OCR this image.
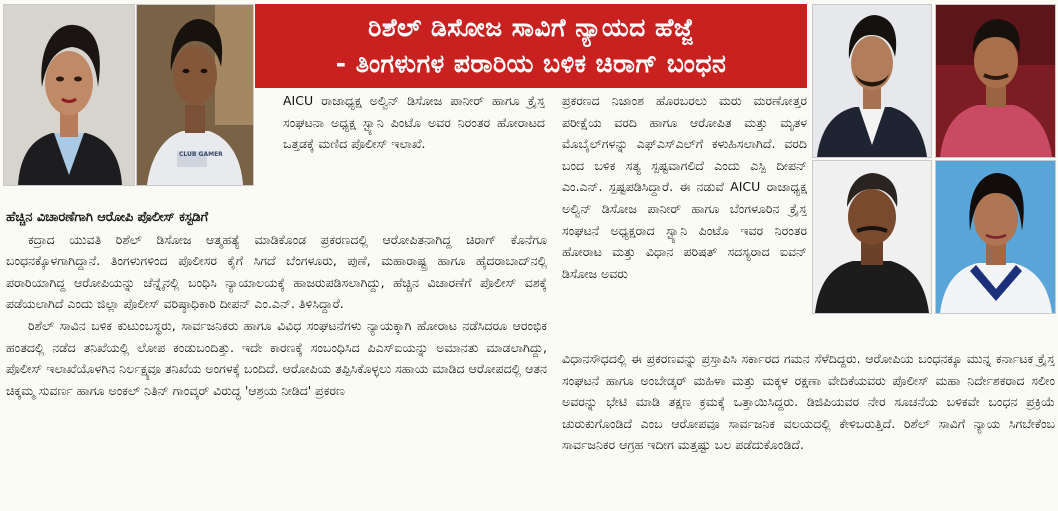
CLUB GAMER
ರಿಶೆಲ್ ಡಿಸೋಜ ಸಾವಿಗೆ ನ್ಯಾಯದ ಹೆಜ್ಜೆ
- ತಿಂಗಳುಗಳ ಪರಾರಿಯ ಬಳಿಕ ಚಿರಾಗ್ ಬಂಧನ

AICU ರಾಜಾಧ್ಯಕ್ಷ ಅಲ್ವಿನ್ ಡಿಸೋಜ ಪಾನೀರ್ ಹಾಗೂ ಕ್ರೈಸ್ತ ಸಂಘಟನಾ ಅಧ್ಯಕ್ಷ ಸ್ಟ್ಯಾನಿ ಪಿಂಟೊ ಅವರ ನಿರಂತರ ಹೋರಾಟದ ಒತ್ತಡಕ್ಕೆ ಮಣಿದ ಪೊಲೀಸ್ ಇಲಾಖೆ.

ಪ್ರಕರಣದ ನಿಜಾಂಶ ಹೊರಬರಲು ಮರು ಮರಣೋತ್ತರ ಪರೀಕ್ಷೆಯ ವರದಿ ಹಾಗೂ ಆರೋಪಿತ ಮತ್ತು ಮೃತಳ ಮೊಬೈಲ್‌ಗಳನ್ನು ಎಫ್‌ಎಸ್‌ಎಲ್‌ಗೆ ಕಳುಹಿಸಲಾಗಿದೆ. ವರದಿ ಬಂದ ಬಳಿಕ ಸತ್ಯ ಸ್ಪಷ್ಟವಾಗಲಿದೆ ಎಂದು ಎಸ್ಪಿ ದೀಪನ್ ಎಂ.ಎನ್. ಸ್ಪಷ್ಟಪಡಿಸಿದ್ದಾರೆ. ಈ ನಡುವೆ AICU ರಾಜಾಧ್ಯಕ್ಷ ಅಲ್ವಿನ್ ಡಿಸೋಜ ಪಾನೀರ್ ಹಾಗೂ ಬೆಂಗಳೂರಿನ ಕ್ರೈಸ್ತ ಸಂಘಟನೆ ಅಧ್ಯಕ್ಷರಾದ ಸ್ಟ್ಯಾನಿ ಪಿಂಟೊ ಇವರ ನಿರಂತರ ಹೋರಾಟ ಮತ್ತು ವಿಧಾನ ಪರಿಷತ್ ಸದಸ್ಯರಾದ ಐವನ್ ಡಿಸೋಜ ಅವರು

ಹೆಚ್ಚಿನ ವಿಚಾರಣೆಗಾಗಿ ಆರೋಪಿ ಪೊಲೀಸ್ ಕಸ್ಟಡಿಗೆ

ಕದ್ರಾದ ಯುವತಿ ರಿಶೆಲ್ ಡಿಸೋಜ ಆತ್ಮಹತ್ಯೆ ಮಾಡಿಕೊಂಡ ಪ್ರಕರಣದಲ್ಲಿ ಆರೋಪಿತನಾಗಿದ್ದ ಚಿರಾಗ್ ಕೊನೆಗೂ ಬಂಧನಕ್ಕೊಳಗಾಗಿದ್ದಾನೆ. ತಿಂಗಳುಗಳಿಂದ ಪೊಲೀಸರ ಕೈಗೆ ಸಿಗದೆ ಬೆಂಗಳೂರು, ಪುಣೆ, ಮಹಾರಾಷ್ಟ್ರ ಹಾಗೂ ಹೈದರಾಬಾದ್‌ನಲ್ಲಿ ಪರಾರಿಯಾಗಿದ್ದ ಆರೋಪಿಯನ್ನು ಚೆನ್ನೈನಲ್ಲಿ ಬಂಧಿಸಿ ನ್ಯಾಯಾಲಯಕ್ಕೆ ಹಾಜರುಪಡಿಸಲಾಗಿದ್ದು, ಹೆಚ್ಚಿನ ವಿಚಾರಣೆಗೆ ಪೊಲೀಸ್ ವಶಕ್ಕೆ ಪಡೆಯಲಾಗಿದೆ ಎಂದು ಜಿಲ್ಲಾ ಪೊಲೀಸ್ ವರಿಷ್ಠಾಧಿಕಾರಿ ದೀಪನ್ ಎಂ.ಎನ್. ತಿಳಿಸಿದ್ದಾರೆ.

ರಿಶೆಲ್ ಸಾವಿನ ಬಳಿಕ ಕುಟುಂಬಸ್ಥರು, ಸಾರ್ವಜನಿಕರು ಹಾಗೂ ವಿವಿಧ ಸಂಘಟನೆಗಳು ನ್ಯಾಯಕ್ಕಾಗಿ ಹೋರಾಟ ನಡೆಸಿದರೂ ಆರಂಭಿಕ ಹಂತದಲ್ಲಿ ನಡೆದ ತನಿಖೆಯಲ್ಲಿ ಲೋಪ ಕಂಡುಬಂದಿತ್ತು. ಇದೇ ಕಾರಣಕ್ಕೆ ಸಂಬಂಧಿಸಿದ ಪಿಎಸ್ಐಯನ್ನು ಅಮಾನತು ಮಾಡಲಾಗಿದ್ದು, ಪೊಲೀಸ್ ಇಲಾಖೆಯೊಳಗಿನ ನಿರ್ಲಕ್ಷ್ಯವೂ ತನಿಖೆಯ ಅಂಗಳಕ್ಕೆ ಬಂದಿದೆ. ಆರೋಪಿಯ ತಪ್ಪಿಸಿಕೊಳ್ಳಲು ಸಹಾಯ ಮಾಡಿದ ಆರೋಪದಲ್ಲಿ ಆತನ ಚಿಕ್ಕಮ್ಮ ಸುವರ್ಣ ಹಾಗೂ ಅಂಕಲ್ ನಿತಿನ್ ಗಾಂವ್ಕರ್ ವಿರುದ್ಧ 'ಆಶ್ರಯ ನೀಡಿದ' ಪ್ರಕರಣ

ವಿಧಾನಸೌಧದಲ್ಲಿ ಈ ಪ್ರಕರಣವನ್ನು ಪ್ರಸ್ತಾಪಿಸಿ ಸರ್ಕಾರದ ಗಮನ ಸೆಳೆದಿದ್ದರು. ಆರೋಪಿಯ ಬಂಧನಕ್ಕೂ ಮುನ್ನ ಕರ್ನಾಟಕ ಕ್ರೈಸ್ತ ಸಂಘಟನೆ ಹಾಗೂ ಅಂಬೇಡ್ಕರ್ ಮಹಿಳಾ ಮತ್ತು ಮಕ್ಕಳ ರಕ್ಷಣಾ ವೇದಿಕೆಯವರು ಪೊಲೀಸ್ ಮಹಾ ನಿರ್ದೇಶಕರಾದ ಸಲೀಂ ಅವರನ್ನು ಭೇಟಿ ಮಾಡಿ ತಕ್ಷಣ ಕ್ರಮಕ್ಕೆ ಒತ್ತಾಯಿಸಿದ್ದರು. ಡಿಜಿಪಿಯವರ ನೇರ ಸೂಚನೆಯ ಬಳಿಕವೇ ಬಂಧನ ಪ್ರಕ್ರಿಯೆ ಚುರುಕುಗೊಂಡಿದೆ ಎಂಬ ಆರೋಪವೂ ಸಾರ್ವಜನಿಕ ವಲಯದಲ್ಲಿ ಕೇಳಿಬರುತ್ತಿದೆ. ರಿಶೆಲ್ ಸಾವಿಗೆ ನ್ಯಾಯ ಸಿಗಬೇಕೆಂಬ ಸಾರ್ವಜನಿಕರ ಆಗ್ರಹ ಇದೀಗ ಮತ್ತಷ್ಟು ಬಲ ಪಡೆದುಕೊಂಡಿದೆ.
